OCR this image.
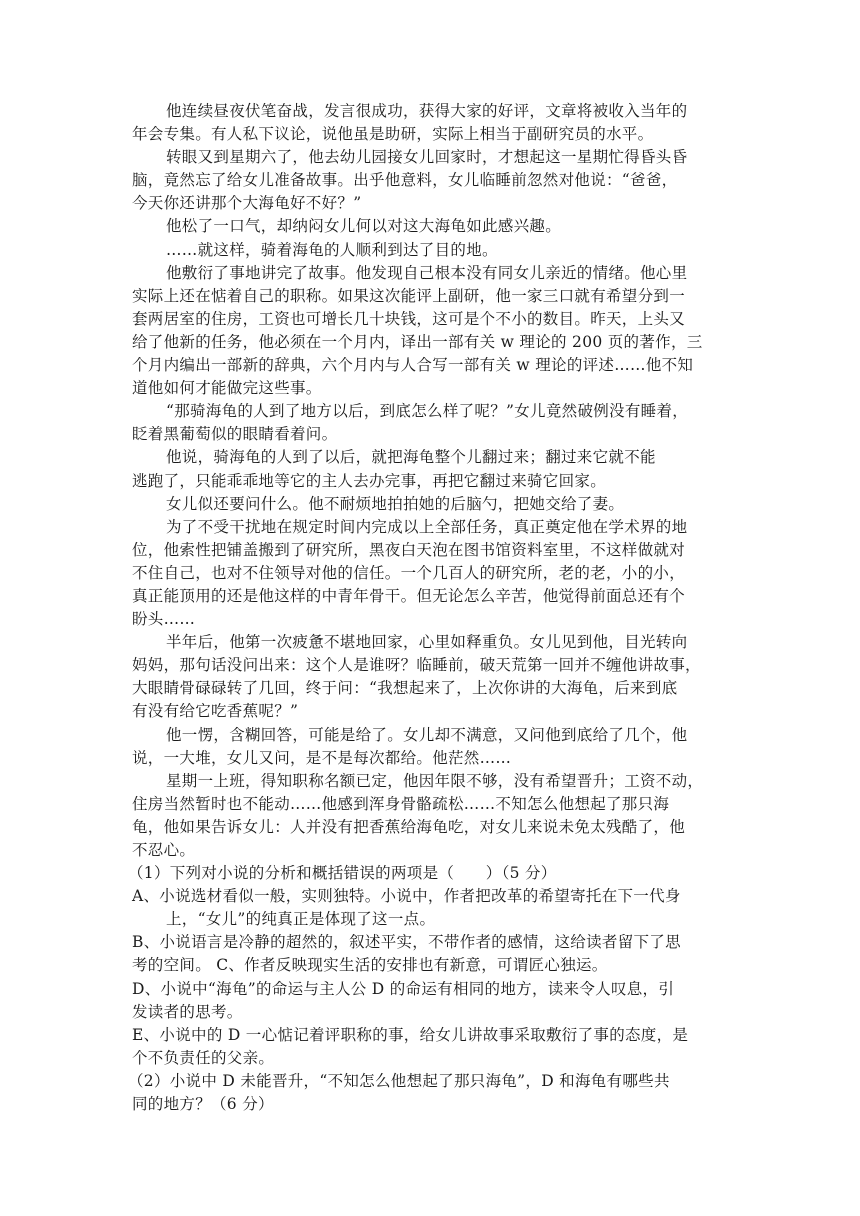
他连续昼夜伏笔奋战，发言很成功，获得大家的好评，文章将被收入当年的

年会专集。有人私下议论，说他虽是助研，实际上相当于副研究员的水平。

转眼又到星期六了，他去幼儿园接女儿回家时，才想起这一星期忙得昏头昏

脑，竟然忘了给女儿准备故事。出乎他意料，女儿临睡前忽然对他说：“爸爸，

今天你还讲那个大海龟好不好？”

他松了一口气，却纳闷女儿何以对这大海龟如此感兴趣。

……就这样，骑着海龟的人顺利到达了目的地。

他敷衍了事地讲完了故事。他发现自己根本没有同女儿亲近的情绪。他心里

实际上还在惦着自己的职称。如果这次能评上副研，他一家三口就有希望分到一

套两居室的住房，工资也可增长几十块钱，这可是个不小的数目。昨天，上头又

给了他新的任务，他必须在一个月内，译出一部有关 w 理论的 200 页的著作，三

个月内编出一部新的辞典，六个月内与人合写一部有关 w 理论的评述……他不知

道他如何才能做完这些事。

“那骑海龟的人到了地方以后，到底怎么样了呢？”女儿竟然破例没有睡着，

眨着黑葡萄似的眼睛看着问。

他说，骑海龟的人到了以后，就把海龟整个儿翻过来；翻过来它就不能

逃跑了，只能乖乖地等它的主人去办完事，再把它翻过来骑它回家。

女儿似还要问什么。他不耐烦地拍拍她的后脑勺，把她交给了妻。

为了不受干扰地在规定时间内完成以上全部任务，真正奠定他在学术界的地

位，他索性把铺盖搬到了研究所，黑夜白天泡在图书馆资料室里，不这样做就对

不住自己，也对不住领导对他的信任。一个几百人的研究所，老的老，小的小，

真正能顶用的还是他这样的中青年骨干。但无论怎么辛苦，他觉得前面总还有个

盼头……

半年后，他第一次疲惫不堪地回家，心里如释重负。女儿见到他，目光转向

妈妈，那句话没问出来：这个人是谁呀？临睡前，破天荒第一回并不缠他讲故事，

大眼睛骨碌碌转了几回，终于问：“我想起来了，上次你讲的大海龟，后来到底

有没有给它吃香蕉呢？”

他一愣，含糊回答，可能是给了。女儿却不满意，又问他到底给了几个，他

说，一大堆，女儿又问，是不是每次都给。他茫然……

星期一上班，得知职称名额已定，他因年限不够，没有希望晋升；工资不动，

住房当然暂时也不能动……他感到浑身骨骼疏松……不知怎么他想起了那只海

龟，他如果告诉女儿：人并没有把香蕉给海龟吃，对女儿来说未免太残酷了，他

不忍心。

（1）下列对小说的分析和概括错误的两项是（　　）（5 分）

A、小说选材看似一般，实则独特。小说中，作者把改革的希望寄托在下一代身

上，“女儿”的纯真正是体现了这一点。

B、小说语言是冷静的超然的，叙述平实，不带作者的感情，这给读者留下了思

考的空间。 C、作者反映现实生活的安排也有新意，可谓匠心独运。

D、小说中“海龟”的命运与主人公 D 的命运有相同的地方，读来令人叹息，引

发读者的思考。

E、小说中的 D 一心惦记着评职称的事，给女儿讲故事采取敷衍了事的态度，是

个不负责任的父亲。

（2）小说中 D 未能晋升，“不知怎么他想起了那只海龟”，D 和海龟有哪些共

同的地方？（6 分）
